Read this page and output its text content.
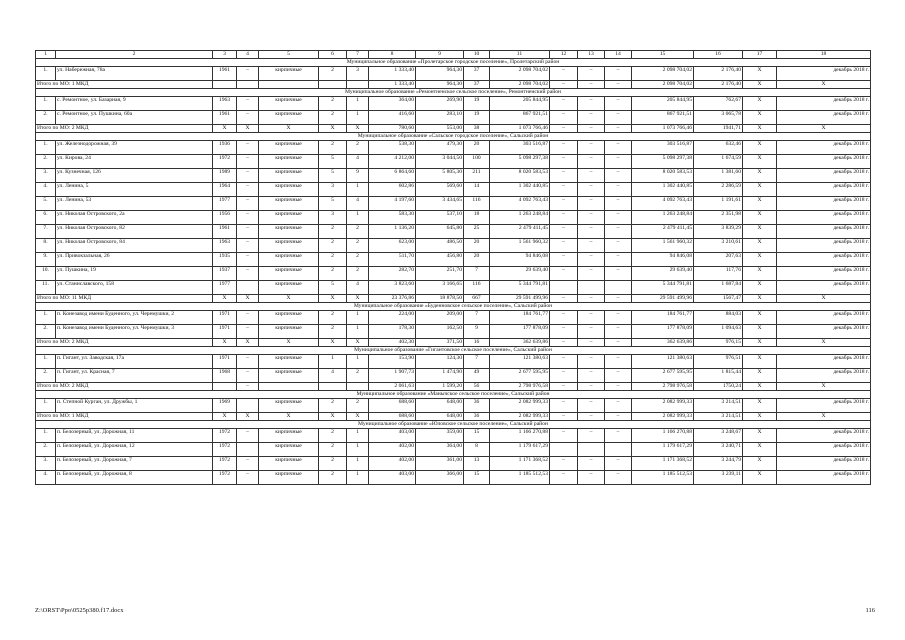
1	2	3	4	5	6	7	8	9	10	11	12	13	14	15	16	17	18
Муниципальное образование «Пролетарское городское поселение», Пролетарский район																	
1.	ул. Набережная, 78а	1961	–	кирпичные	2	3	1 333,40	964,30	37	2 098 704,02	–	–	–	2 098 704,02	2 176,40	Х	декабрь 2018 г.
Итого по МО: 1 МКД							1 333,40	964,30	37	2 098 704,02	–	–	–	2 098 704,02	2 176,40	Х	Х
Муниципальное образование «Ремонтненское сельское поселение», Ремонтненский район																	
1.	с. Ремонтное, ул. Базарная, 9	1963	–	кирпичные	2	1	364,00	269,90	19	205 844,95	–	–	–	205 844,95	762,67	Х	декабрь 2018 г.
2.	с. Ремонтное, ул. Пушкина, 60а	1961	–	кирпичные	2	1	416,60	283,10	19	867 921,51	–	–	–	867 921,51	3 065,78	Х	декабрь 2018 г.
Итого по МО: 2 МКД		Х	Х	Х	Х	Х	780,60	553,00	38	1 073 766,46	–	–	–	1 073 766,46	1941,71	Х	Х
Муниципальное образование «Сальское городское поселение», Сальский район																	
1.	ул. Железнодорожная, 39	1936	–	кирпичные	2	2	538,30	479,30	20	303 516,87	–	–	–	303 516,87	632,46	Х	декабрь 2018 г.
2.	ул. Кирова, 24	1972	–	кирпичные	5	4	4 212,00	3 044,50	100	5 098 297,38	–	–	–	5 098 297,38	1 674,59	Х	декабрь 2018 г.
3.	ул. Кузнечная, 126	1989	–	кирпичные	5	9	6 864,60	5 805,30	211	8 020 583,53	–	–	–	8 020 583,53	1 381,60	Х	декабрь 2018 г.
4.	ул. Ленина, 5	1964	–	кирпичные	3	1	602,86	569,60	14	1 302 440,85	–	–	–	1 302 440,85	2 286,59	Х	декабрь 2018 г.
5.	ул. Ленина, 53	1977	–	кирпичные	5	4	4 197,60	3 434,65	116	4 092 763,43	–	–	–	4 092 763,43	1 191,61	Х	декабрь 2018 г.
6.	ул. Николая Островского, 2а	1956	–	кирпичные	3	1	583,30	537,10	18	1 263 248,84	–	–	–	1 263 248,84	2 351,98	Х	декабрь 2018 г.
7.	ул. Николая Островского, 82	1961	–	кирпичные	2	2	1 136,20	645,80	25	2 479 411,45	–	–	–	2 479 411,45	3 839,29	Х	декабрь 2018 г.
8.	ул. Николая Островского, 84	1963	–	кирпичные	2	2	623,00	486,50	20	1 561 960,32	–	–	–	1 561 960,32	3 210,61	Х	декабрь 2018 г.
9.	ул. Привокзальная, 26	1935	–	кирпичные	2	2	511,70	456,80	20	94 846,08	–	–	–	94 846,08	207,63	Х	декабрь 2018 г.
10.	ул. Пушкина, 19	1937	–	кирпичные	2	2	282,70	251,70	7	29 639,40	–	–	–	29 639,40	117,76	Х	декабрь 2018 г.
11.	ул. Станиславского, 158	1977		кирпичные	5	4	3 823,60	3 166,65	116	5 344 791,81				5 344 791,81	1 687,84	Х	декабрь 2018 г.
Итого по МО: 11 МКД		Х	Х	Х	Х	Х	23 376,86	18 878,50	667	29 591 499,96	–	–	–	29 591 499,96	1567,47	Х	Х
Муниципальное образование «Буденновское сельское поселение», Сальский район																	
1.	п. Конезавод имени Буденного, ул. Черемушки, 2	1971	–	кирпичные	2	1	224,00	209,00	7	184 761,77	–	–	–	184 761,77	884,03	Х	декабрь 2018 г.
2.	п. Конезавод имени Буденного, ул. Черемушки, 3	1971	–	кирпичные	2	1	178,30	162,50	9	177 878,09	–	–	–	177 878,09	1 094,63	Х	декабрь 2018 г.
Итого по МО: 2 МКД		Х	Х	Х	Х	Х	402,30	371,50	16	362 639,86	–	–	–	362 639,86	976,15	Х	Х
Муниципальное образование «Гигантовское сельское поселение», Сальский район																	
1.	п. Гигант, ул. Заводская, 17а	1971	–	кирпичные	1	1	153,90	124,30	7	121 380,63	–	–	–	121 380,63	976,51	Х	декабрь 2018 г.
2.	п. Гигант, ул. Красная, 7	1968	–	кирпичные	4	2	1 907,73	1 474,90	49	2 677 595,95	–	–	–	2 677 595,95	1 815,44	Х	декабрь 2018 г.
Итого по МО: 2 МКД			–				2 061,63	1 599,20	56	2 798 976,58	–	–	–	2 798 976,58	1750,24	Х	Х
Муниципальное образование «Манычское сельское поселение», Сальский район																	
1.	п. Степной Курган, ул. Дружбы, 1	1969		кирпичные	2	2	688,60	648,00	36	2 082 999,33	–	–	–	2 082 999,33	3 214,51	Х	декабрь 2018 г.
Итого по МО: 1 МКД		Х	Х	Х	Х	Х	688,60	648,00	36	2 082 999,33	–	–	–	2 082 999,33	3 214,51	Х	Х
Муниципальное образование «Юловское сельское поселение», Сальский район																	
1.	п. Белозерный, ул. Дорожная, 11	1972	–	кирпичные	2	1	403,00	359,00	15	1 166 270,88	–	–	–	1 166 270,88	3 248,67	Х	декабрь 2018 г.
2.	п. Белозерный, ул. Дорожная, 12	1972		кирпичные	2	1	402,00	364,00	8	1 179 617,29				1 179 617,29	3 240,71	Х	декабрь 2018 г.
3.	п. Белозерный, ул. Дорожная, 7	1972	–	кирпичные	2	1	402,00	361,00	13	1 171 368,52	–	–	–	1 171 368,52	3 244,79	Х	декабрь 2018 г.
4.	п. Белозерный, ул. Дорожная, 8	1972	–	кирпичные	2	1	403,00	366,00	15	1 185 512,53	–	–	–	1 185 512,53	3 239,11	Х	декабрь 2018 г.
Z:\ORST\Ppo\0525p380.f17.docx	116
